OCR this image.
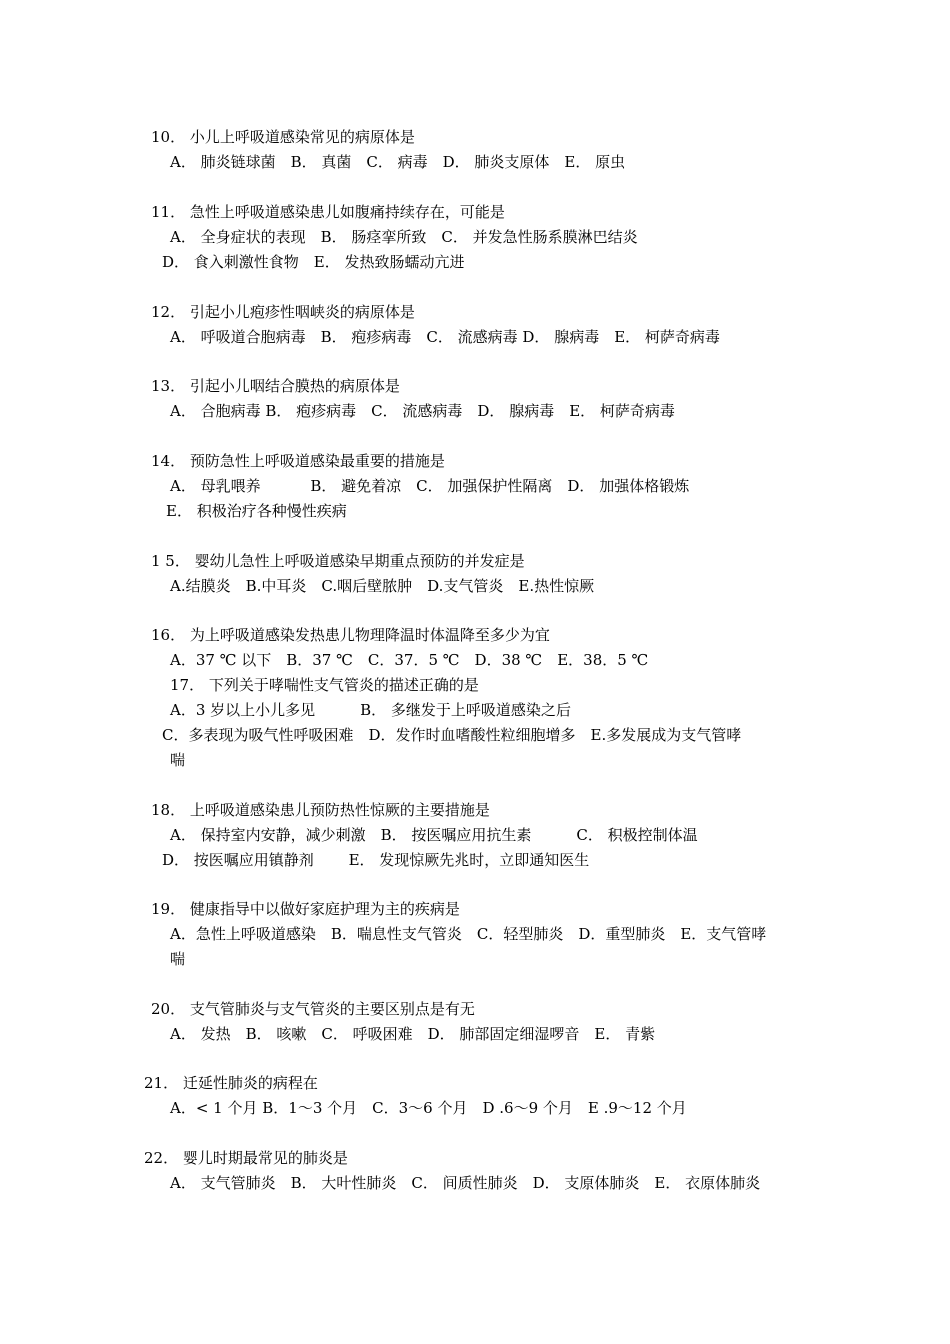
10． 小儿上呼吸道感染常见的病原体是
A． 肺炎链球菌　B． 真菌　C． 病毒　D． 肺炎支原体　E． 原虫
11． 急性上呼吸道感染患儿如腹痛持续存在，可能是
A． 全身症状的表现　B． 肠痉挛所致　C． 并发急性肠系膜淋巴结炎
D． 食入刺激性食物　E． 发热致肠蠕动亢进
12． 引起小儿疱疹性咽峡炎的病原体是
A． 呼吸道合胞病毒　B． 疱疹病毒　C． 流感病毒 D． 腺病毒　E． 柯萨奇病毒
13． 引起小儿咽结合膜热的病原体是
A． 合胞病毒 B． 疱疹病毒　C． 流感病毒　D． 腺病毒　E． 柯萨奇病毒
14． 预防急性上呼吸道感染最重要的措施是
A． 母乳喂养　　　 B． 避免着凉　C． 加强保护性隔离　D． 加强体格锻炼
E． 积极治疗各种慢性疾病
1 5． 婴幼儿急性上呼吸道感染早期重点预防的并发症是
A.结膜炎　B.中耳炎　C.咽后壁脓肿　D.支气管炎　E.热性惊厥
16． 为上呼吸道感染发热患儿物理降温时体温降至多少为宜
A．37 ℃ 以下　B．37 ℃　C．37．5 ℃　D．38 ℃　E．38．5 ℃
17． 下列关于哮喘性支气管炎的描述正确的是
A．3 岁以上小儿多见　　　B． 多继发于上呼吸道感染之后
C．多表现为吸气性呼吸困难　D．发作时血嗜酸性粒细胞增多　E.多发展成为支气管哮
喘
18． 上呼吸道感染患儿预防热性惊厥的主要措施是
A． 保持室内安静，减少刺激　B． 按医嘱应用抗生素　　　C． 积极控制体温
D． 按医嘱应用镇静剂　　 E． 发现惊厥先兆时，立即通知医生
19． 健康指导中以做好家庭护理为主的疾病是
A．急性上呼吸道感染　B．喘息性支气管炎　C．轻型肺炎　D．重型肺炎　E．支气管哮
喘
20． 支气管肺炎与支气管炎的主要区别点是有无
A． 发热　B． 咳嗽　C． 呼吸困难　D． 肺部固定细湿啰音　E． 青紫
21． 迁延性肺炎的病程在
A．< 1 个月 B．1～3 个月　C．3～6 个月　D .6～9 个月　E .9～12 个月
22． 婴儿时期最常见的肺炎是
A． 支气管肺炎　B． 大叶性肺炎　C． 间质性肺炎　D． 支原体肺炎　E． 衣原体肺炎
